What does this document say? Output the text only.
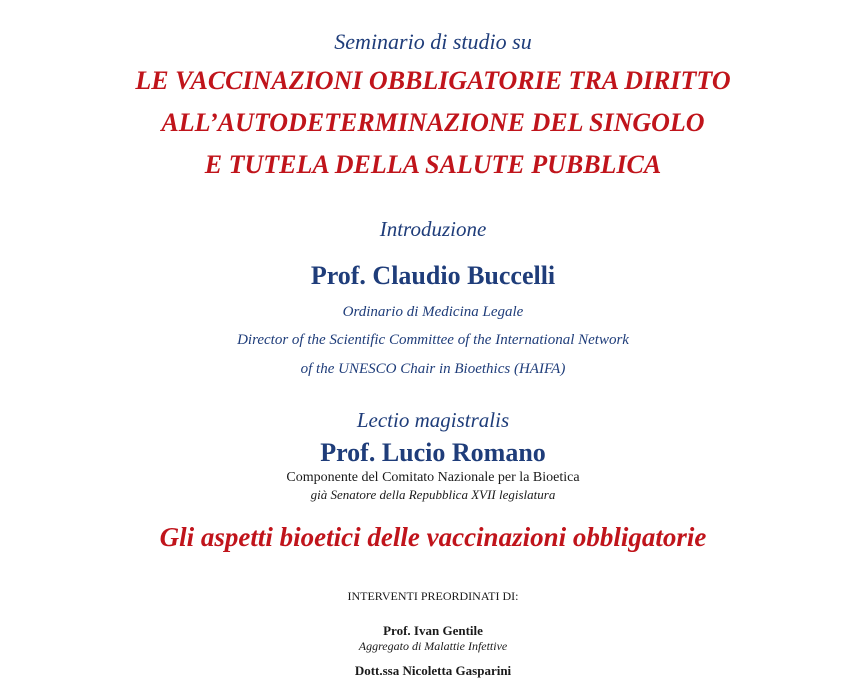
Seminario di studio su
LE VACCINAZIONI OBBLIGATORIE TRA DIRITTO
ALL’AUTODETERMINAZIONE DEL SINGOLO
E TUTELA DELLA SALUTE PUBBLICA
Introduzione
Prof. Claudio Buccelli
Ordinario di Medicina Legale
Director of the Scientific Committee of the International Network
of the UNESCO Chair in Bioethics (HAIFA)
Lectio magistralis
Prof. Lucio Romano
Componente del Comitato Nazionale per la Bioetica
già Senatore della Repubblica XVII legislatura
Gli aspetti bioetici delle vaccinazioni obbligatorie
INTERVENTI PREORDINATI DI:
Prof. Ivan Gentile
Aggregato di Malattie Infettive
Dott.ssa Nicoletta Gasparini
